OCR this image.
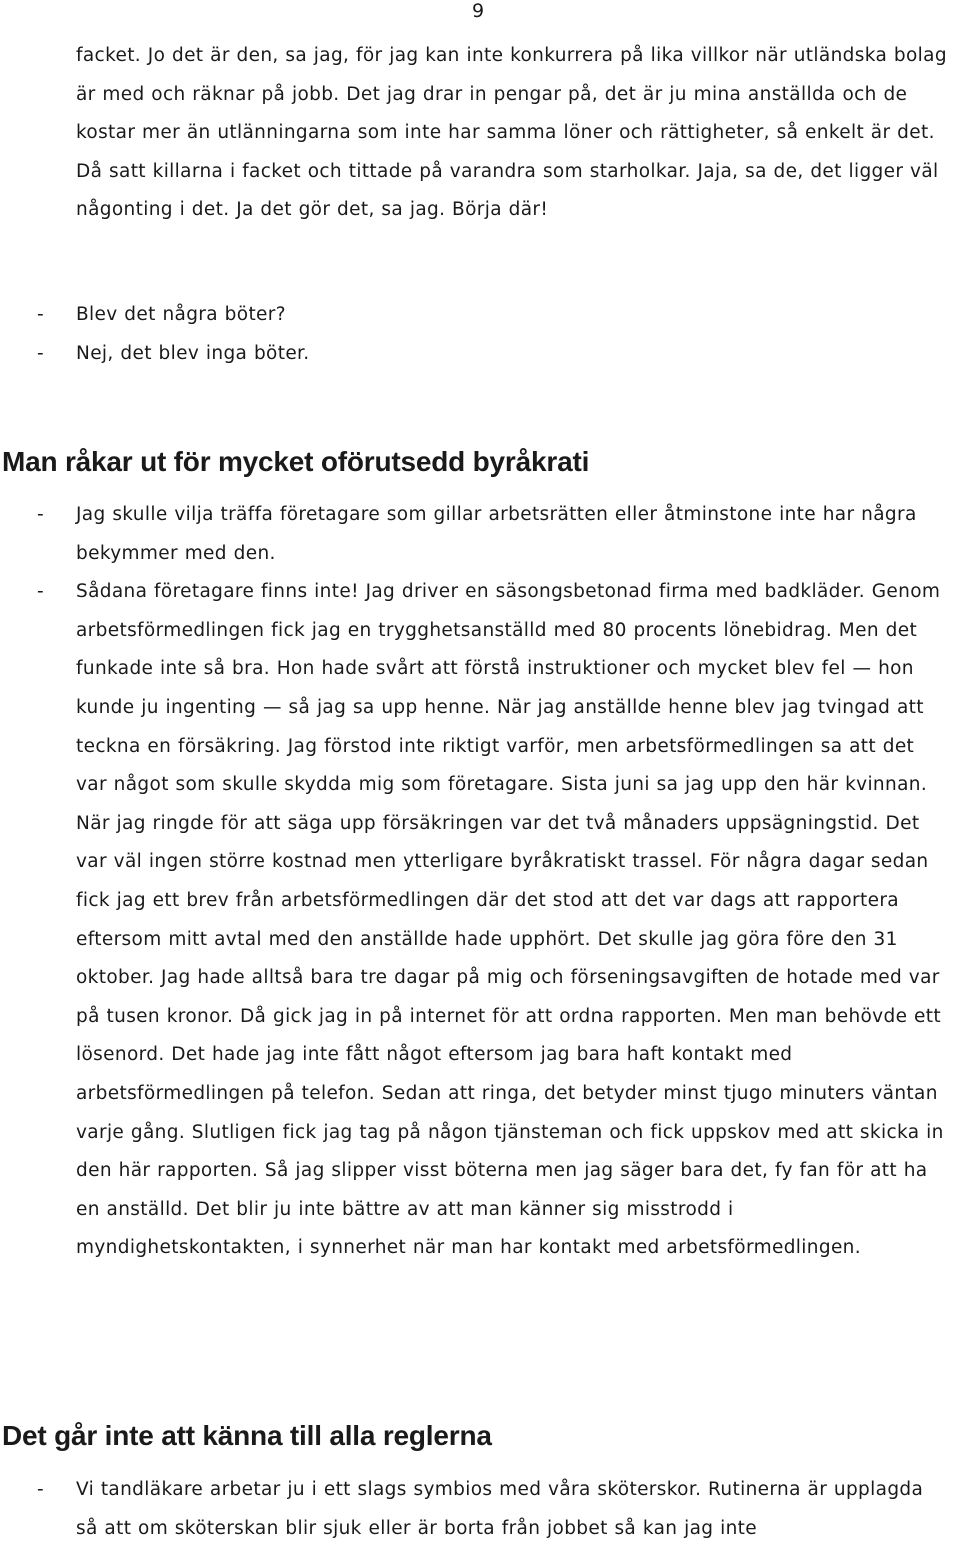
9

facket. Jo det är den, sa jag, för jag kan inte konkurrera på lika villkor när utländska bolag är med och räknar på jobb. Det jag drar in pengar på, det är ju mina anställda och de kostar mer än utlänningarna som inte har samma löner och rättigheter, så enkelt är det. Då satt killarna i facket och tittade på varandra som starholkar. Jaja, sa de, det ligger väl någonting i det. Ja det gör det, sa jag. Börja där!

- Blev det några böter?

- Nej, det blev inga böter.

Man råkar ut för mycket oförutsedd byråkrati

- Jag skulle vilja träffa företagare som gillar arbetsrätten eller åtminstone inte har några bekymmer med den.

- Sådana företagare finns inte! Jag driver en säsongsbetonad firma med badkläder. Genom arbetsförmedlingen fick jag en trygghetsanställd med 80 procents lönebidrag. Men det funkade inte så bra. Hon hade svårt att förstå instruktioner och mycket blev fel — hon kunde ju ingenting — så jag sa upp henne. När jag anställde henne blev jag tvingad att teckna en försäkring. Jag förstod inte riktigt varför, men arbetsförmedlingen sa att det var något som skulle skydda mig som företagare. Sista juni sa jag upp den här kvinnan. När jag ringde för att säga upp försäkringen var det två månaders uppsägningstid. Det var väl ingen större kostnad men ytterligare byråkratiskt trassel. För några dagar sedan fick jag ett brev från arbetsförmedlingen där det stod att det var dags att rapportera eftersom mitt avtal med den anställde hade upphört. Det skulle jag göra före den 31 oktober. Jag hade alltså bara tre dagar på mig och förseningsavgiften de hotade med var på tusen kronor. Då gick jag in på internet för att ordna rapporten. Men man behövde ett lösenord. Det hade jag inte fått något eftersom jag bara haft kontakt med arbetsförmedlingen på telefon. Sedan att ringa, det betyder minst tjugo minuters väntan varje gång. Slutligen fick jag tag på någon tjänsteman och fick uppskov med att skicka in den här rapporten. Så jag slipper visst böterna men jag säger bara det, fy fan för att ha en anställd. Det blir ju inte bättre av att man känner sig misstrodd i myndighetskontakten, i synnerhet när man har kontakt med arbetsförmedlingen.

Det går inte att känna till alla reglerna

- Vi tandläkare arbetar ju i ett slags symbios med våra sköterskor. Rutinerna är upplagda så att om sköterskan blir sjuk eller är borta från jobbet så kan jag inte
